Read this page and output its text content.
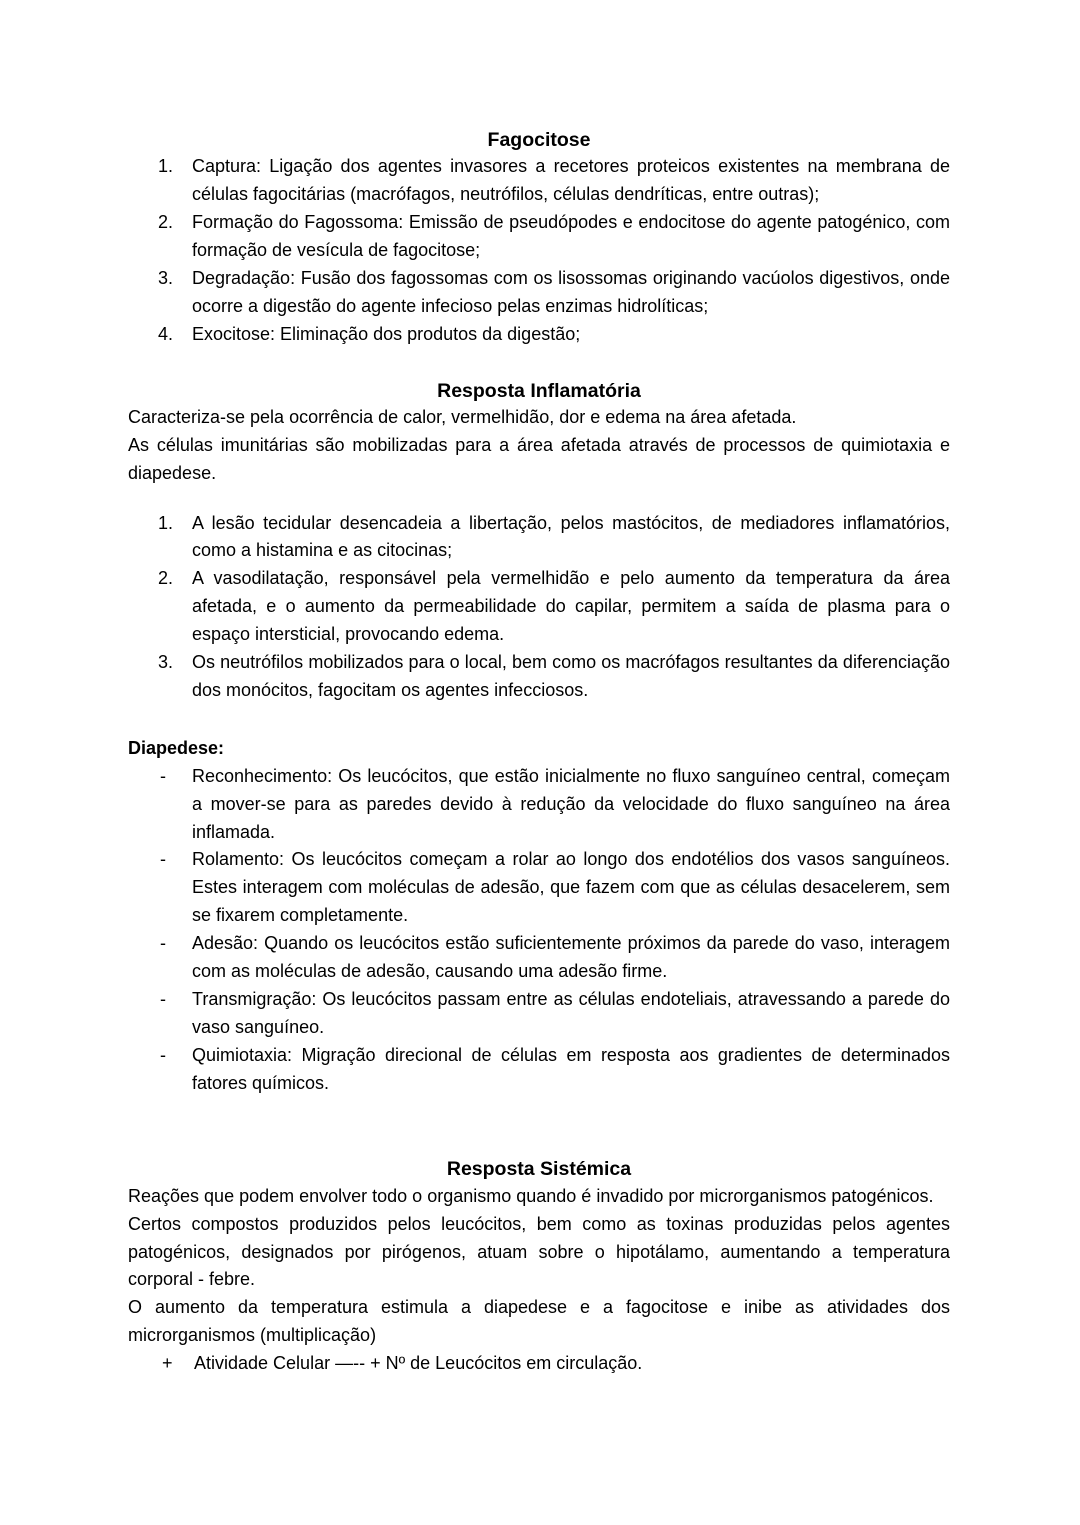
Fagocitose
1.	Captura: Ligação dos agentes invasores a recetores proteicos existentes na membrana de células fagocitárias (macrófagos, neutrófilos, células dendríticas, entre outras);
2.	Formação do Fagossoma: Emissão de pseudópodes e endocitose do agente patogénico, com formação de vesícula de fagocitose;
3.	Degradação: Fusão dos fagossomas com os lisossomas originando vacúolos digestivos, onde ocorre a digestão do agente infecioso pelas enzimas hidrolíticas;
4.	Exocitose: Eliminação dos produtos da digestão;
Resposta Inflamatória

Caracteriza-se pela ocorrência de calor, vermelhidão, dor e edema na área afetada.

As células imunitárias são mobilizadas para a área afetada através de processos de quimiotaxia e diapedese.

1.	A lesão tecidular desencadeia a libertação, pelos mastócitos, de mediadores inflamatórios, como a histamina e as citocinas;
2.	A vasodilatação, responsável pela vermelhidão e pelo aumento da temperatura da área afetada, e o aumento da permeabilidade do capilar, permitem a saída de plasma para o espaço intersticial, provocando edema.
3.	Os neutrófilos mobilizados para o local, bem como os macrófagos resultantes da diferenciação dos monócitos, fagocitam os agentes infecciosos.

Diapedese:

-	Reconhecimento: Os leucócitos, que estão inicialmente no fluxo sanguíneo central, começam a mover-se para as paredes devido à redução da velocidade do fluxo sanguíneo na área inflamada.
-	Rolamento: Os leucócitos começam a rolar ao longo dos endotélios dos vasos sanguíneos. Estes interagem com moléculas de adesão, que fazem com que as células desacelerem, sem se fixarem completamente.
-	Adesão: Quando os leucócitos estão suficientemente próximos da parede do vaso, interagem com as moléculas de adesão, causando uma adesão firme.
-	Transmigração: Os leucócitos passam entre as células endoteliais, atravessando a parede do vaso sanguíneo.
-	Quimiotaxia: Migração direcional de células em resposta aos gradientes de determinados fatores químicos.
Resposta Sistémica

Reações que podem envolver todo o organismo quando é invadido por microrganismos patogénicos.

Certos compostos produzidos pelos leucócitos, bem como as toxinas produzidas pelos agentes patogénicos, designados por pirógenos, atuam sobre o hipotálamo, aumentando a temperatura corporal - febre.

O aumento da temperatura estimula a diapedese e a fagocitose e inibe as atividades dos microrganismos (multiplicação)

+	Atividade Celular —-- + Nº de Leucócitos em circulação.
